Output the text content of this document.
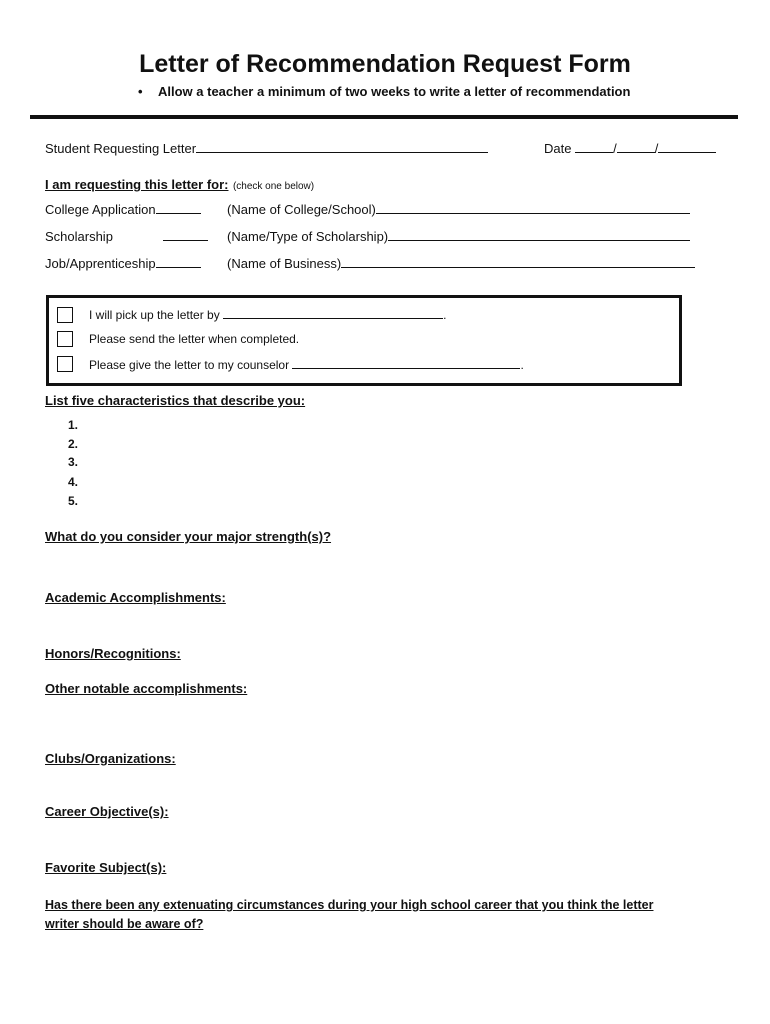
Letter of Recommendation Request Form
• Allow a teacher a minimum of two weeks to write a letter of recommendation
Student Requesting Letter	Date	/	/
I am requesting this letter for: (check one below)
College Application	(Name of College/School)
Scholarship	(Name/Type of Scholarship)
Job/Apprenticeship	(Name of Business)
I will pick up the letter by	.
Please send the letter when completed.
Please give the letter to my counselor	.
List five characteristics that describe you:
1.
2.
3.
4.
5.
What do you consider your major strength(s)?
Academic Accomplishments:
Honors/Recognitions:
Other notable accomplishments:
Clubs/Organizations:
Career Objective(s):
Favorite Subject(s):
Has there been any extenuating circumstances during your high school career that you think the letter
writer should be aware of?
